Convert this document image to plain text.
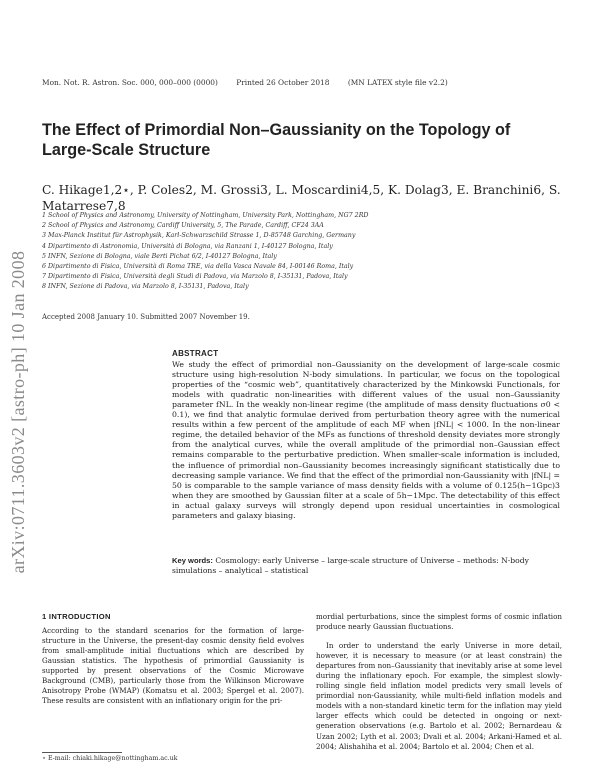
arXiv:0711.3603v2 [astro-ph] 10 Jan 2008
Mon. Not. R. Astron. Soc. 000, 000–000 (0000) Printed 26 October 2018 (MN LATEX style file v2.2)
The Effect of Primordial Non–Gaussianity on the Topology of Large-Scale Structure
C. Hikage1,2⋆, P. Coles2, M. Grossi3, L. Moscardini4,5, K. Dolag3, E. Branchini6, S. Matarrese7,8
1 School of Physics and Astronomy, University of Nottingham, University Park, Nottingham, NG7 2RD
2 School of Physics and Astronomy, Cardiff University, 5, The Parade, Cardiff, CF24 3AA
3 Max-Planck Institut für Astrophysik, Karl-Schwarzschild Strasse 1, D-85748 Garching, Germany
4 Dipartimento di Astronomia, Università di Bologna, via Ranzani 1, I-40127 Bologna, Italy
5 INFN, Sezione di Bologna, viale Berti Pichat 6/2, I-40127 Bologna, Italy
6 Dipartimento di Fisica, Università di Roma TRE, via della Vasca Navale 84, I-00146 Roma, Italy
7 Dipartimento di Fisica, Università degli Studi di Padova, via Marzolo 8, I-35131, Padova, Italy
8 INFN, Sezione di Padova, via Marzolo 8, I-35131, Padova, Italy
Accepted 2008 January 10. Submitted 2007 November 19.
ABSTRACT
We study the effect of primordial non–Gaussianity on the development of large-scale cosmic structure using high-resolution N-body simulations. In particular, we focus on the topological properties of the “cosmic web”, quantitatively characterized by the Minkowski Functionals, for models with quadratic non-linearities with different values of the usual non–Gaussianity parameter fNL. In the weakly non-linear regime (the amplitude of mass density fluctuations σ0 < 0.1), we find that analytic formulae derived from perturbation theory agree with the numerical results within a few percent of the amplitude of each MF when |fNL| < 1000. In the non-linear regime, the detailed behavior of the MFs as functions of threshold density deviates more strongly from the analytical curves, while the overall amplitude of the primordial non–Gaussian effect remains comparable to the perturbative prediction. When smaller-scale information is included, the influence of primordial non–Gaussianity becomes increasingly significant statistically due to decreasing sample variance. We find that the effect of the primordial non-Gaussianity with |fNL| = 50 is comparable to the sample variance of mass density fields with a volume of 0.125(h−1Gpc)3 when they are smoothed by Gaussian filter at a scale of 5h−1Mpc. The detectability of this effect in actual galaxy surveys will strongly depend upon residual uncertainties in cosmological parameters and galaxy biasing.
Key words: Cosmology: early Universe – large-scale structure of Universe – methods: N-body simulations – analytical – statistical
1 INTRODUCTION
According to the standard scenarios for the formation of large-structure in the Universe, the present-day cosmic density field evolves from small-amplitude initial fluctuations which are described by Gaussian statistics. The hypothesis of primordial Gaussianity is supported by present observations of the Cosmic Microwave Background (CMB), particularly those from the Wilkinson Microwave Anisotropy Probe (WMAP) (Komatsu et al. 2003; Spergel et al. 2007). These results are consistent with an inflationary origin for the pri-
mordial perturbations, since the simplest forms of cosmic inflation produce nearly Gaussian fluctuations.
In order to understand the early Universe in more detail, however, it is necessary to measure (or at least constrain) the departures from non–Gaussianity that inevitably arise at some level during the inflationary epoch. For example, the simplest slowly-rolling single field inflation model predicts very small levels of primordial non-Gaussianity, while multi-field inflation models and models with a non-standard kinetic term for the inflation may yield larger effects which could be detected in ongoing or next-generation observations (e.g. Bartolo et al. 2002; Bernardeau & Uzan 2002; Lyth et al. 2003; Dvali et al. 2004; Arkani-Hamed et al. 2004; Alishahiha et al. 2004; Bartolo et al. 2004; Chen et al.
⋆ E-mail: chiaki.hikage@nottingham.ac.uk
